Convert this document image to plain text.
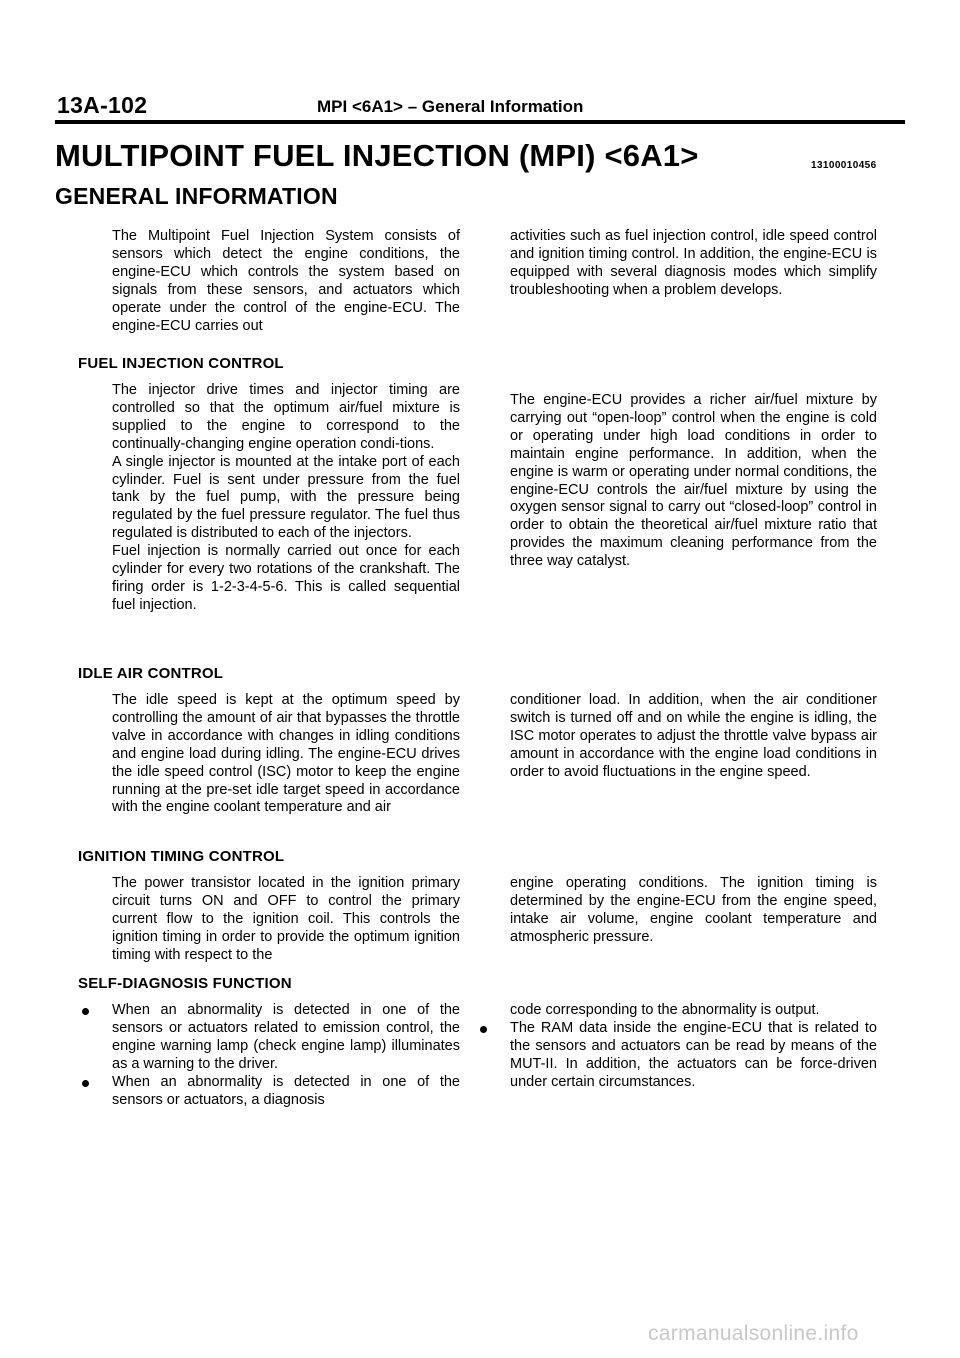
13A-102	MPI <6A1> – General Information
MULTIPOINT FUEL INJECTION (MPI) <6A1>	13100010456
GENERAL INFORMATION
The Multipoint Fuel Injection System consists of sensors which detect the engine conditions, the engine-ECU which controls the system based on signals from these sensors, and actuators which operate under the control of the engine-ECU. The engine-ECU carries out
activities such as fuel injection control, idle speed control and ignition timing control. In addition, the engine-ECU is equipped with several diagnosis modes which simplify troubleshooting when a problem develops.
FUEL INJECTION CONTROL

The injector drive times and injector timing are controlled so that the optimum air/fuel mixture is supplied to the engine to correspond to the continually-changing engine operation condi-tions.

A single injector is mounted at the intake port of each cylinder. Fuel is sent under pressure from the fuel tank by the fuel pump, with the pressure being regulated by the fuel pressure regulator. The fuel thus regulated is distributed to each of the injectors.

Fuel injection is normally carried out once for each cylinder for every two rotations of the crankshaft. The firing order is 1-2-3-4-5-6. This is called sequential fuel injection.

The engine-ECU provides a richer air/fuel mixture by carrying out “open-loop” control when the engine is cold or operating under high load conditions in order to maintain engine performance. In addition, when the engine is warm or operating under normal conditions, the engine-ECU controls the air/fuel mixture by using the oxygen sensor signal to carry out “closed-loop” control in order to obtain the theoretical air/fuel mixture ratio that provides the maximum cleaning performance from the three way catalyst.
IDLE AIR CONTROL
The idle speed is kept at the optimum speed by controlling the amount of air that bypasses the throttle valve in accordance with changes in idling conditions and engine load during idling. The engine-ECU drives the idle speed control (ISC) motor to keep the engine running at the pre-set idle target speed in accordance with the engine coolant temperature and air
conditioner load. In addition, when the air conditioner switch is turned off and on while the engine is idling, the ISC motor operates to adjust the throttle valve bypass air amount in accordance with the engine load conditions in order to avoid fluctuations in the engine speed.
IGNITION TIMING CONTROL
The power transistor located in the ignition primary circuit turns ON and OFF to control the primary current flow to the ignition coil. This controls the ignition timing in order to provide the optimum ignition timing with respect to the
engine operating conditions. The ignition timing is determined by the engine-ECU from the engine speed, intake air volume, engine coolant temperature and atmospheric pressure.
SELF-DIAGNOSIS FUNCTION
When an abnormality is detected in one of the sensors or actuators related to emission control, the engine warning lamp (check engine lamp) illuminates as a warning to the driver.
When an abnormality is detected in one of the sensors or actuators, a diagnosis
code corresponding to the abnormality is output.
The RAM data inside the engine-ECU that is related to the sensors and actuators can be read by means of the MUT-II. In addition, the actuators can be force-driven under certain circumstances.
carmanualsonline.info
